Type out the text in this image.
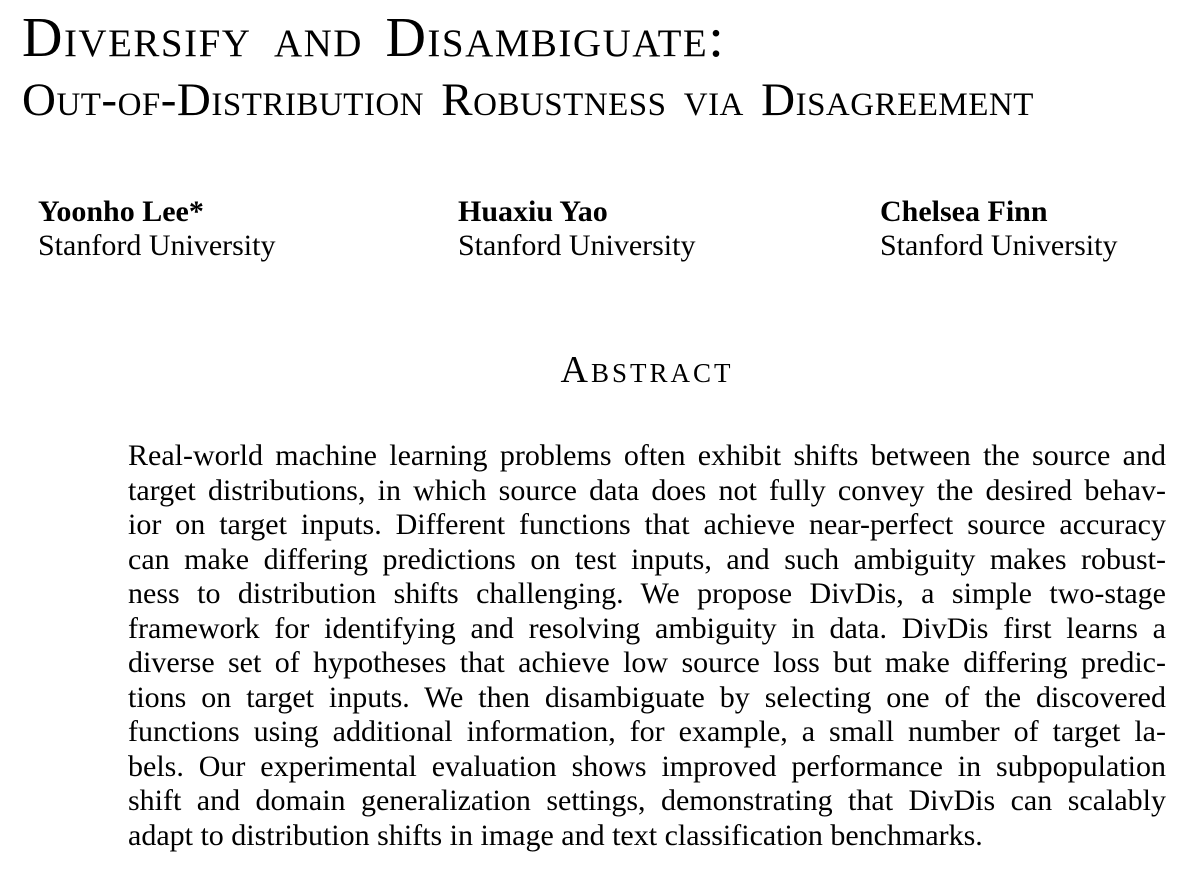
Diversify and Disambiguate:
Out-of-Distribution Robustness via Disagreement
Yoonho Lee*
Stanford University
Huaxiu Yao
Stanford University
Chelsea Finn
Stanford University
Abstract
Real-world machine learning problems often exhibit shifts between the source and
target distributions, in which source data does not fully convey the desired behav-
ior on target inputs. Different functions that achieve near-perfect source accuracy
can make differing predictions on test inputs, and such ambiguity makes robust-
ness to distribution shifts challenging. We propose DivDis, a simple two-stage
framework for identifying and resolving ambiguity in data. DivDis first learns a
diverse set of hypotheses that achieve low source loss but make differing predic-
tions on target inputs. We then disambiguate by selecting one of the discovered
functions using additional information, for example, a small number of target la-
bels. Our experimental evaluation shows improved performance in subpopulation
shift and domain generalization settings, demonstrating that DivDis can scalably
adapt to distribution shifts in image and text classification benchmarks.
